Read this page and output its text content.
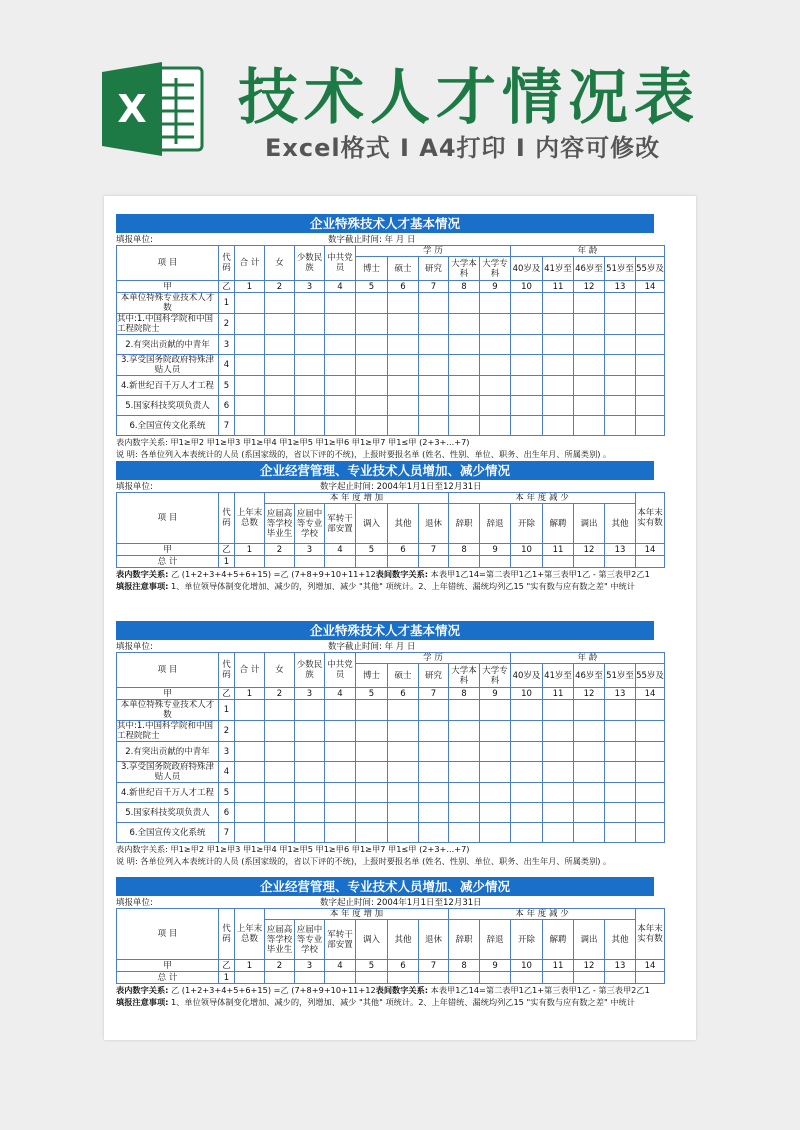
X 技术人才情况表
Excel格式 I A4打印 I 内容可修改
企业特殊技术人才基本情况
填报单位:	数字截止时间: 年 月 日
项 目	代码	合 计	女	少数民族	中共党员	学 历					年 龄				
						博士	硕士	研究	大学本科	大学专科	40岁及	41岁至	46岁至	51岁至	55岁及
甲	乙	1	2	3	4	5	6	7	8	9	10	11	12	13	14
本单位特殊专业技术人才数	1														
其中:1.中国科学院和中国工程院院士	2														
2.有突出贡献的中青年	3														
3.享受国务院政府特殊津贴人员	4														
4.新世纪百千万人才工程	5														
5.国家科技奖项负责人	6														
6.全国宣传文化系统	7														
表内数字关系: 甲1≥甲2 甲1≥甲3 甲1≥甲4 甲1≥甲5 甲1≥甲6 甲1≥甲7 甲1≤甲 (2+3+...+7)
说 明: 各单位列入本表统计的人员 (系国家级的，省以下评的不统)，上报时要报名单 (姓名、性别、单位、职务、出生年月、所属类别) 。
企业经营管理、专业技术人员增加、减少情况
填报单位:	数字起止时间: 2004年1月1日至12月31日
项 目	代码	上年末总数	本 年 度 增 加						本 年 度 减 少						本年末实有数
			应届高等学校毕业生	应届中等专业学校	军转干部安置	调入	其他	退休	辞职	辞退	开除	解聘	调出	其他	
甲	乙	1	2	3	4	5	6	7	8	9	10	11	12	13	14
总 计	1														
表内数字关系: 乙 (1+2+3+4+5+6+15) =乙 (7+8+9+10+11+12表间数字关系: 本表甲1乙14=第二表甲1乙1+第三表甲1乙 - 第三表甲2乙1
填报注意事项: 1、单位领导体制变化增加、减少的，列增加、减少 "其他" 项统计。2、上年错统、漏统均列乙15 "实有数与应有数之差" 中统计
企业特殊技术人才基本情况
填报单位:	数字截止时间: 年 月 日
项 目	代码	合 计	女	少数民族	中共党员	学 历					年 龄				
						博士	硕士	研究	大学本科	大学专科	40岁及	41岁至	46岁至	51岁至	55岁及
甲	乙	1	2	3	4	5	6	7	8	9	10	11	12	13	14
本单位特殊专业技术人才数	1														
其中:1.中国科学院和中国工程院院士	2														
2.有突出贡献的中青年	3														
3.享受国务院政府特殊津贴人员	4														
4.新世纪百千万人才工程	5														
5.国家科技奖项负责人	6														
6.全国宣传文化系统	7														
表内数字关系: 甲1≥甲2 甲1≥甲3 甲1≥甲4 甲1≥甲5 甲1≥甲6 甲1≥甲7 甲1≤甲 (2+3+...+7)
说 明: 各单位列入本表统计的人员 (系国家级的，省以下评的不统)，上报时要报名单 (姓名、性别、单位、职务、出生年月、所属类别) 。
企业经营管理、专业技术人员增加、减少情况
填报单位:	数字起止时间: 2004年1月1日至12月31日
项 目	代码	上年末总数	本 年 度 增 加						本 年 度 减 少						本年末实有数
			应届高等学校毕业生	应届中等专业学校	军转干部安置	调入	其他	退休	辞职	辞退	开除	解聘	调出	其他	
甲	乙	1	2	3	4	5	6	7	8	9	10	11	12	13	14
总 计	1														
表内数字关系: 乙 (1+2+3+4+5+6+15) =乙 (7+8+9+10+11+12表间数字关系: 本表甲1乙14=第二表甲1乙1+第三表甲1乙 - 第三表甲2乙1
填报注意事项: 1、单位领导体制变化增加、减少的，列增加、减少 "其他" 项统计。2、上年错统、漏统均列乙15 "实有数与应有数之差" 中统计
